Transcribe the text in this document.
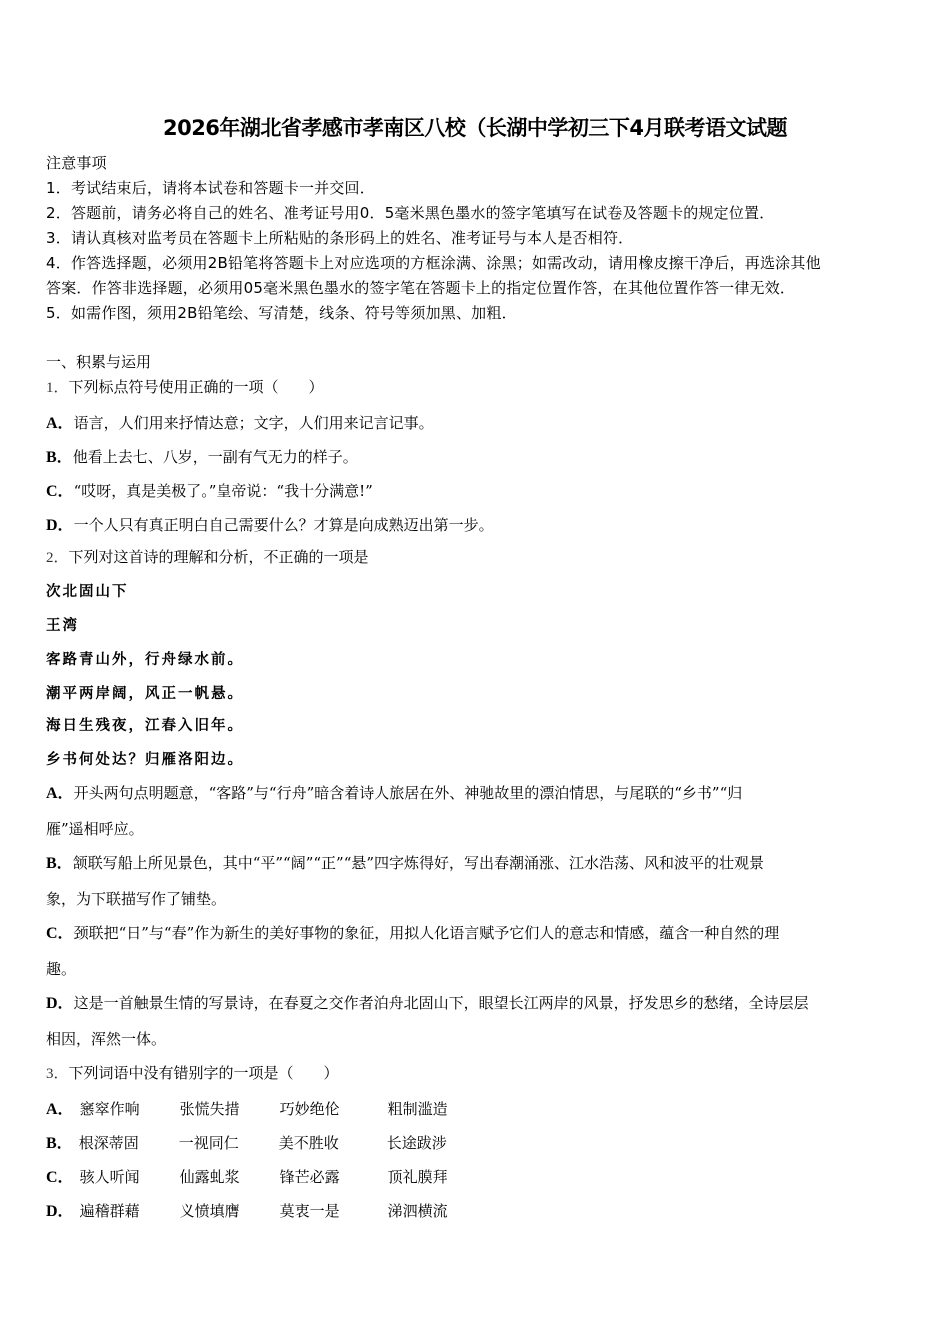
2026年湖北省孝感市孝南区八校（长湖中学初三下4月联考语文试题
注意事项
1．考试结束后，请将本试卷和答题卡一并交回．
2．答题前，请务必将自己的姓名、准考证号用0．5毫米黑色墨水的签字笔填写在试卷及答题卡的规定位置．
3．请认真核对监考员在答题卡上所粘贴的条形码上的姓名、准考证号与本人是否相符．
4．作答选择题，必须用2B铅笔将答题卡上对应选项的方框涂满、涂黑；如需改动，请用橡皮擦干净后，再选涂其他
答案．作答非选择题，必须用05毫米黑色墨水的签字笔在答题卡上的指定位置作答，在其他位置作答一律无效．
5．如需作图，须用2B铅笔绘、写清楚，线条、符号等须加黑、加粗．
一、积累与运用
1．下列标点符号使用正确的一项（　　）
A．语言，人们用来抒情达意；文字，人们用来记言记事。
B．他看上去七、八岁，一副有气无力的样子。
C．“哎呀，真是美极了。”皇帝说：“我十分满意!”
D．一个人只有真正明白自己需要什么？才算是向成熟迈出第一步。
2．下列对这首诗的理解和分析，不正确的一项是
次北固山下
王湾
客路青山外，行舟绿水前。
潮平两岸阔，风正一帆悬。
海日生残夜，江春入旧年。
乡书何处达？归雁洛阳边。
A．开头两句点明题意，“客路”与“行舟”暗含着诗人旅居在外、神驰故里的漂泊情思，与尾联的“乡书”“归
雁”遥相呼应。
B．颔联写船上所见景色，其中“平”“阔”“正”“悬”四字炼得好，写出春潮涌涨、江水浩荡、风和波平的壮观景
象，为下联描写作了铺垫。
C．颈联把“日”与“春”作为新生的美好事物的象征，用拟人化语言赋予它们人的意志和情感，蕴含一种自然的理
趣。
D．这是一首触景生情的写景诗，在春夏之交作者泊舟北固山下，眼望长江两岸的风景，抒发思乡的愁绪，全诗层层
相因，浑然一体。
3．下列词语中没有错别字的一项是（　　）
A． 窸窣作响	张慌失措	巧妙绝伦	粗制滥造
B． 根深蒂固	一视同仁	美不胜收	长途跋涉
C． 骇人听闻	仙露虬浆	锋芒必露	顶礼膜拜
D． 遍稽群藉	义愤填膺	莫衷一是	涕泗横流
